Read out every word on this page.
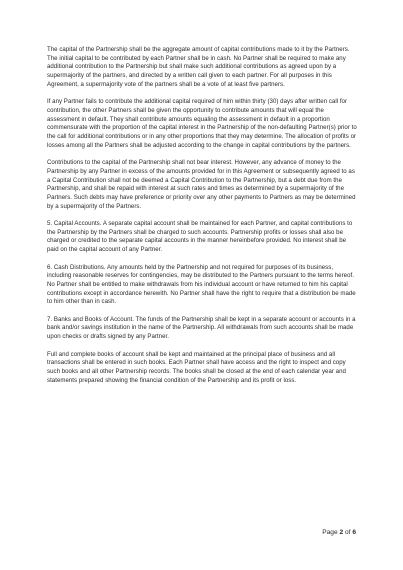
The capital of the Partnership shall be the aggregate amount of capital contributions made to it by the Partners. The initial capital to be contributed by each Partner shall be in cash. No Partner shall be required to make any additional contribution to the Partnership but shall make such additional contributions as agreed upon by a supermajority of the partners, and directed by a written call given to each partner. For all purposes in this Agreement, a supermajority vote of the partners shall be a vote of at least five partners.

If any Partner fails to contribute the additional capital required of him within thirty (30) days after written call for contribution, the other Partners shall be given the opportunity to contribute amounts that will equal the assessment in default. They shall contribute amounts equaling the assessment in default in a proportion commensurate with the proportion of the capital interest in the Partnership of the non-defaulting Partner(s) prior to the call for additional contributions or in any other proportions that they may determine. The allocation of profits or losses among all the Partners shall be adjusted according to the change in capital contributions by the partners.

Contributions to the capital of the Partnership shall not bear interest. However, any advance of money to the Partnership by any Partner in excess of the amounts provided for in this Agreement or subsequently agreed to as a Capital Contribution shall not be deemed a Capital Contribution to the Partnership, but a debt due from the Partnership, and shall be repaid with interest at such rates and times as determined by a supermajority of the Partners. Such debts may have preference or priority over any other payments to Partners as may be determined by a supermajority of the Partners.

5. Capital Accounts. A separate capital account shall be maintained for each Partner, and capital contributions to the Partnership by the Partners shall be charged to such accounts. Partnership profits or losses shall also be charged or credited to the separate capital accounts in the manner hereinbefore provided. No interest shall be paid on the capital account of any Partner.

6. Cash Distributions. Any amounts held by the Partnership and not required for purposes of its business, including reasonable reserves for contingencies, may be distributed to the Partners pursuant to the terms hereof. No Partner shall be entitled to make withdrawals from his individual account or have returned to him his capital contributions except in accordance herewith. No Partner shall have the right to require that a distribution be made to him other than in cash.

7. Banks and Books of Account. The funds of the Partnership shall be kept in a separate account or accounts in a bank and/or savings institution in the name of the Partnership. All withdrawals from such accounts shall be made upon checks or drafts signed by any Partner.

Full and complete books of account shall be kept and maintained at the principal place of business and all transactions shall be entered in such books. Each Partner shall have access and the right to inspect and copy such books and all other Partnership records. The books shall be closed at the end of each calendar year and statements prepared showing the financial condition of the Partnership and its profit or loss.

Page 2 of 6
